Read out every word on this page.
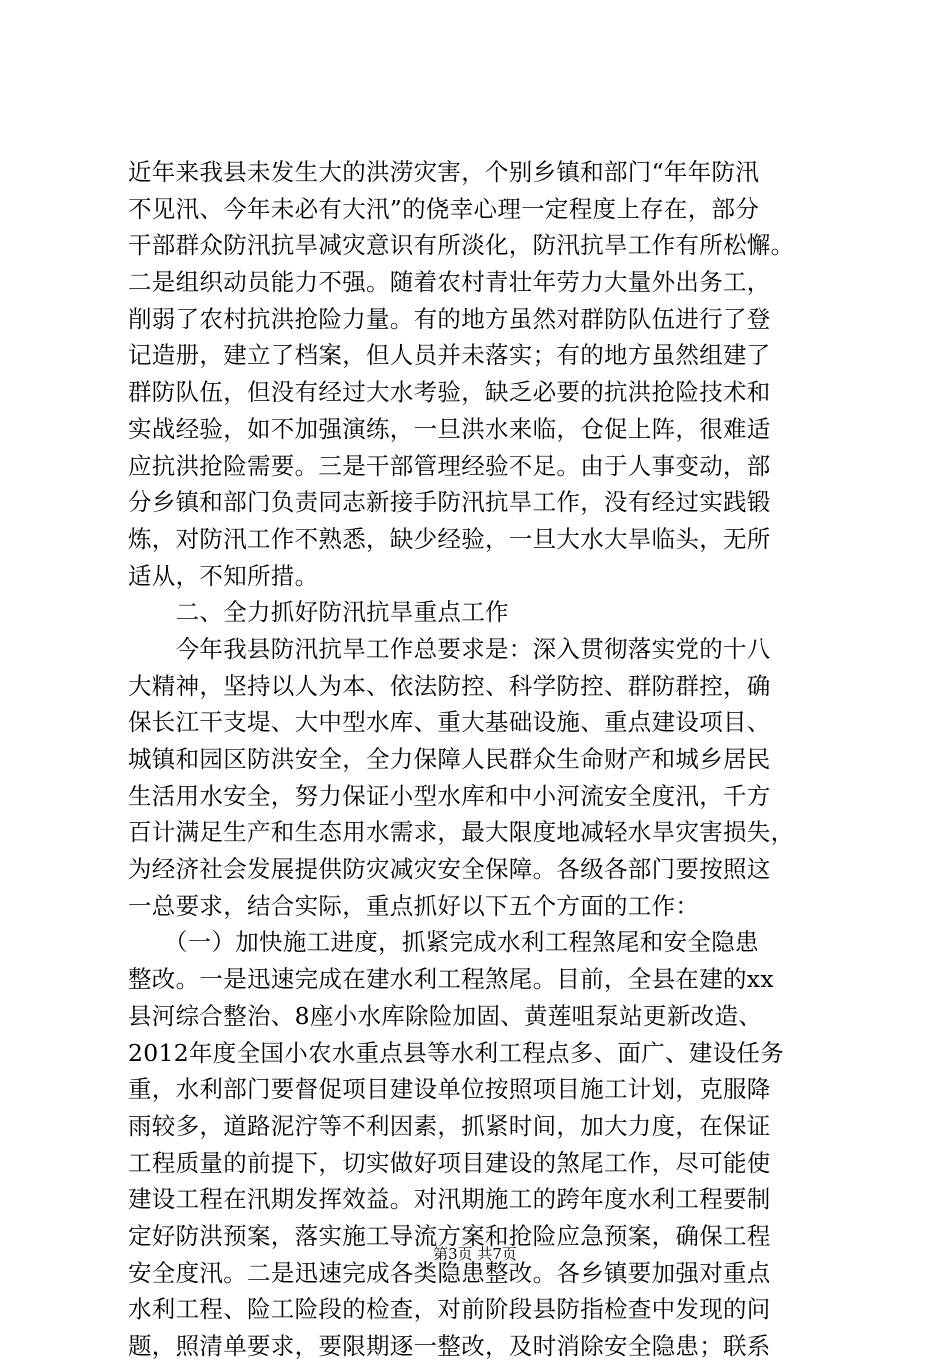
近年来我县未发生大的洪涝灾害，个别乡镇和部门“年年防汛
不见汛、今年未必有大汛”的侥幸心理一定程度上存在，部分
干部群众防汛抗旱减灾意识有所淡化，防汛抗旱工作有所松懈。
二是组织动员能力不强。随着农村青壮年劳力大量外出务工，
削弱了农村抗洪抢险力量。有的地方虽然对群防队伍进行了登
记造册，建立了档案，但人员并未落实；有的地方虽然组建了
群防队伍，但没有经过大水考验，缺乏必要的抗洪抢险技术和
实战经验，如不加强演练，一旦洪水来临，仓促上阵，很难适
应抗洪抢险需要。三是干部管理经验不足。由于人事变动，部
分乡镇和部门负责同志新接手防汛抗旱工作，没有经过实践锻
炼，对防汛工作不熟悉，缺少经验，一旦大水大旱临头，无所
适从，不知所措。
　　二、全力抓好防汛抗旱重点工作
　　今年我县防汛抗旱工作总要求是：深入贯彻落实党的十八
大精神，坚持以人为本、依法防控、科学防控、群防群控，确
保长江干支堤、大中型水库、重大基础设施、重点建设项目、
城镇和园区防洪安全，全力保障人民群众生命财产和城乡居民
生活用水安全，努力保证小型水库和中小河流安全度汛，千方
百计满足生产和生态用水需求，最大限度地减轻水旱灾害损失，
为经济社会发展提供防灾减灾安全保障。各级各部门要按照这
一总要求，结合实际，重点抓好以下五个方面的工作：
　　（一）加快施工进度，抓紧完成水利工程煞尾和安全隐患
整改。一是迅速完成在建水利工程煞尾。目前，全县在建的xx
县河综合整治、8座小水库除险加固、黄莲咀泵站更新改造、
2012年度全国小农水重点县等水利工程点多、面广、建设任务
重，水利部门要督促项目建设单位按照项目施工计划，克服降
雨较多，道路泥泞等不利因素，抓紧时间，加大力度，在保证
工程质量的前提下，切实做好项目建设的煞尾工作，尽可能使
建设工程在汛期发挥效益。对汛期施工的跨年度水利工程要制
定好防洪预案，落实施工导流方案和抢险应急预案，确保工程
安全度汛。二是迅速完成各类隐患整改。各乡镇要加强对重点
水利工程、险工险段的检查，对前阶段县防指检查中发现的问
题，照清单要求，要限期逐一整改，及时消除安全隐患；联系
第3页 共7页
